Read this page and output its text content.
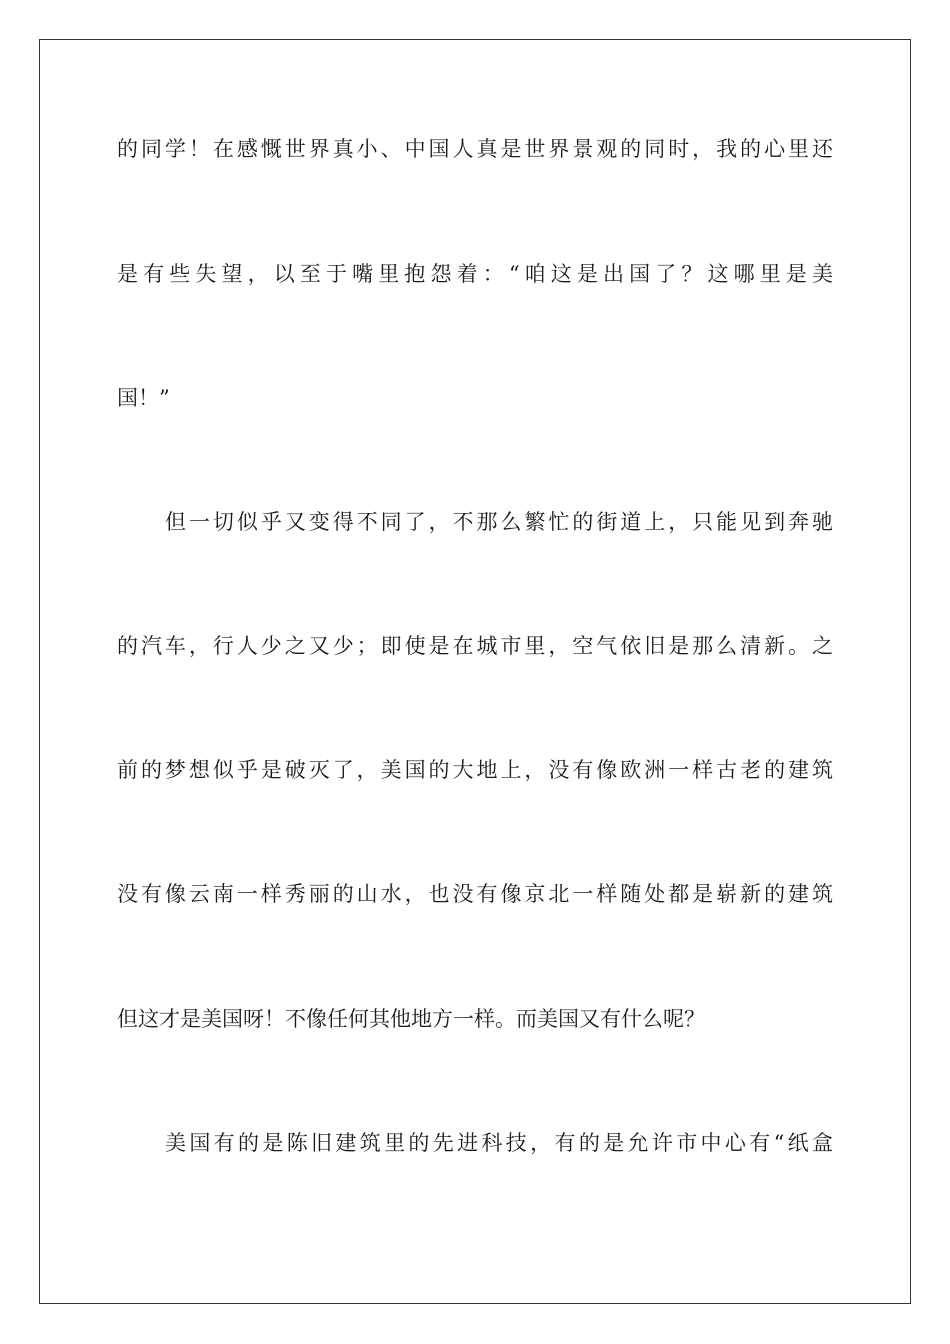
的同学！在感慨世界真小、中国人真是世界景观的同时，我的心里还
是有些失望，以至于嘴里抱怨着：“咱这是出国了？这哪里是美
国！”
但一切似乎又变得不同了，不那么繁忙的街道上，只能见到奔驰
的汽车，行人少之又少；即使是在城市里，空气依旧是那么清新。之
前的梦想似乎是破灭了，美国的大地上，没有像欧洲一样古老的建筑
没有像云南一样秀丽的山水，也没有像京北一样随处都是崭新的建筑
但这才是美国呀！不像任何其他地方一样。而美国又有什么呢？
美国有的是陈旧建筑里的先进科技，有的是允许市中心有“纸盒
